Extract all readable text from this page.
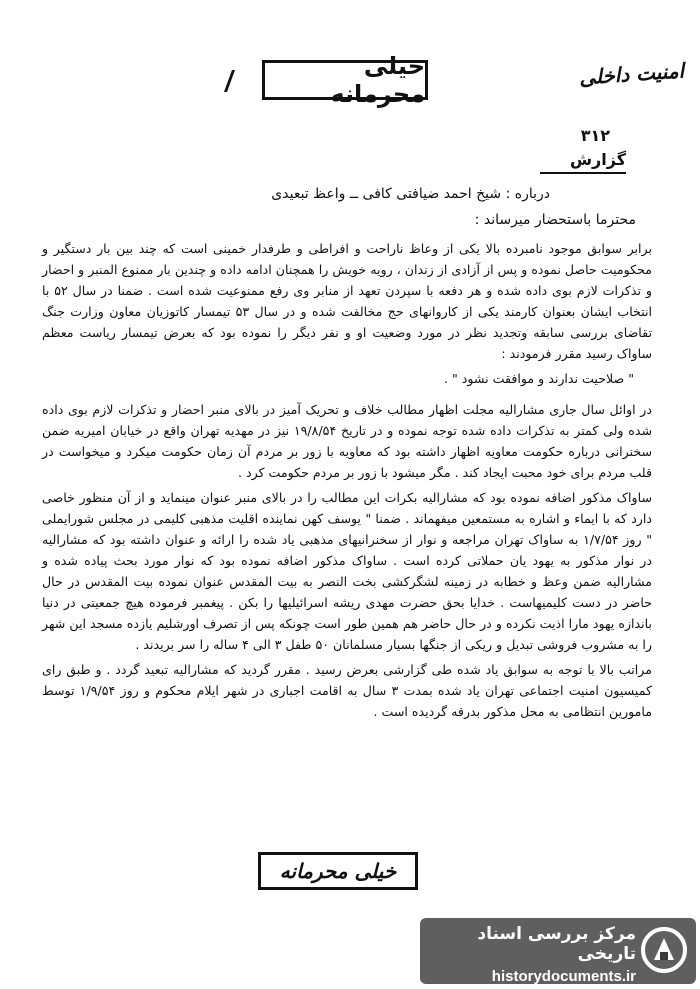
امنیت داخلی
خیلی محرمانه
۳۱۲
گزارش
درباره : شیخ احمد ضیافتی کافی ــ واعظ تبعیدی
محترما باستحضار میرساند :

برابر سوابق موجود نامبرده بالا یکی از وعاظ ناراحت و افراطی و طرفدار خمینی است که چند بین بار دستگیر و محکومیت حاصل نموده و پس از آزادی از زندان ، رویه خویش را همچنان ادامه داده و چندین بار ممنوع المنبر و احضار و تذکرات لازم بوی داده شده و هر دفعه با سپردن تعهد از منابر وی رفع ممنوعیت شده است . ضمنا در سال ۵۲ با انتخاب ایشان بعنوان کارمند یکی از کاروانهای حج مخالفت شده و در سال ۵۳ تیمسار کاتوزیان معاون وزارت جنگ تقاضای بررسی سابقه وتجدید نظر در مورد وضعیت او و نفر دیگر را نموده بود که بعرض تیمسار ریاست معظم ساواک رسید مقرر فرمودند :

" صلاحیت ندارند و موافقت نشود " .

در اوائل سال جاری مشارالیه مجلت اظهار مطالب خلاف و تحریک آمیز در بالای منبر احضار و تذکرات لازم بوی داده شده ولی کمتر به تذکرات داده شده توجه نموده و در تاریخ ۱۹/۸/۵۴ نیز در مهدیه تهران واقع در خیابان امیریه ضمن سخنرانی درباره حکومت معاویه اظهار داشته بود که معاویه با زور بر مردم آن زمان حکومت میکرد و میخواست در قلب مردم برای خود محبت ایجاد کند . مگر میشود با زور بر مردم حکومت کرد .

ساواک مذکور اضافه نموده بود که مشارالیه بکرات این مطالب را در بالای منبر عنوان مینماید و از آن منظور خاصی دارد که با ایماء و اشاره به مستمعین میفهماند . ضمنا " یوسف کهن نماینده اقلیت مذهبی کلیمی در مجلس شورایملی " روز ۱/۷/۵۴ به ساواک تهران مراجعه و نوار از سخنرانیهای مذهبی یاد شده را ارائه و عنوان داشته بود که مشارالیه در نوار مذکور به یهود یان حملاتی کرده است . ساواک مذکور اضافه نموده بود که نوار مورد بحث پیاده شده و مشارالیه ضمن وعظ و خطابه در زمینه لشگرکشی بخت النصر به بیت المقدس عنوان نموده بیت المقدس در حال حاضر در دست کلیمیهاست . خدایا بحق حضرت مهدی ریشه اسرائیلیها را بکن . پیغمبر فرموده هیچ جمعیتی در دنیا باندازه یهود مارا اذیت نکرده و در حال حاضر هم همین طور است چونکه پس از تصرف اورشلیم یازده مسجد این شهر را به مشروب فروشی تبدیل و ریکی از جنگها بسیار مسلمانان ۵۰ طفل ۳ الی ۴ ساله را سر بریدند .

مراتب بالا با توجه به سوابق یاد شده طی گزارشی بعرض رسید . مقرر گردید که مشارالیه تبعید گردد . و طبق رای کمیسیون امنیت اجتماعی تهران یاد شده بمدت ۳ سال به اقامت اجباری در شهر ایلام محکوم و روز ۱/۹/۵۴ توسط مامورین انتظامی به محل مذکور بدرقه گردیده است .

خیلی محرمانه
مرکز بررسی اسناد تاریخی
historydocuments.ir
